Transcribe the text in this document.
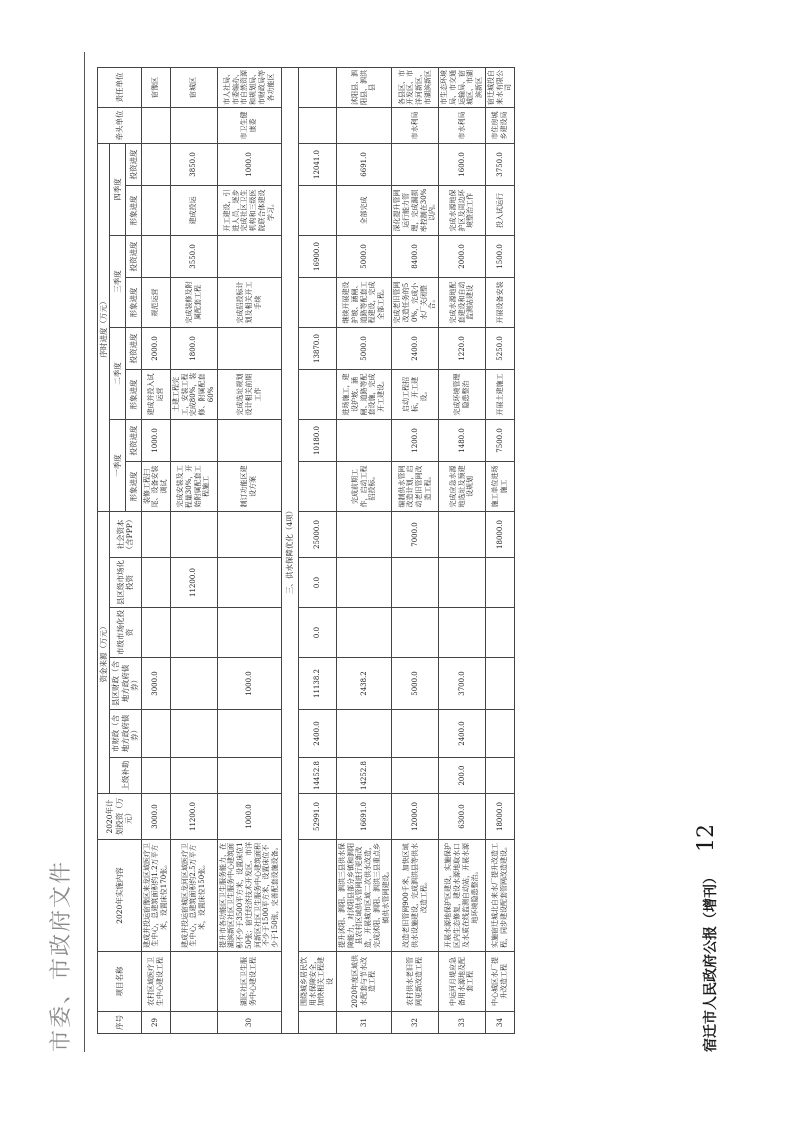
市委、市政府文件	序号	项目名称	2020年实施内容	2020年计划投资（万元）	资金来源（万元）						序时进度（万元）								牵头单位	责任单位
				上级补助	市财政（含地方政府债券）	县区财政（含地方政府债券）	市级市场化投资	县区级市场化投资	社会资本（含PPP）	一季度		二季度		三季度		四季度			
										形象进度	投资进度	形象进度	投资进度	形象进度	投资进度	形象进度	投资进度		
29	农村区域医疗卫生中心建设工程	建成并投运宿豫区来龙区域医疗卫生中心，总建筑面积约1.2万平方米，设置床位170张。	3000.0			3000.0				装修工程扫尾、设备安装调试	1000.0	建成并投入试运营	2000.0	规范运营					宿豫区
		建成并投运宿城区龙河区域医疗卫生中心，总建筑面积约2.5万平方米，设置床位150张。	11200.0					11200.0		完成安装及工程量30%，开始附属配套工程施工		土建工程完工，安装工程完成80%，装修、附属配套60%	1800.0	完成装修及附属配套工程	3550.0	建成投运	3850.0		宿城区
30	湖区社区卫生服务中心建设工程	提升市各功能区卫生服务能力，在湖滨新区社区卫生服务中心建筑面积不少于3500平方米，设置床位150张；宿迁经济技术开发区、市洋河新区社区卫生服务中心建筑面积不少于1500平方米，设置床位不少于150张，完善配套设施设备。	1000.0			1000.0				制订功能区建设方案		完成选址规划设计相关前期工作		完成招投标计划及相关开工手续		开工建设，引进人员，逐步完成社区卫生机构和三级医院联合体建设学习。	1000.0	市卫生健康委	市人社局、市委编办、市自然资源和规划局、市财政局等各功能区
三、供水保障优化（4项）																			
	围绕城乡居民饮用水保障安全，加快相关工程建设		52991.0	14452.8	2400.0	11138.2	0.0	0.0	25000.0		10180.0		13870.0		16900.0		12041.0		
31	2020年度区域供水配套与节水改造工程	提升沭阳、泗阳、泗洪三县供水保障能力，对沭阳县部分乡镇和泗阳县农村区域供水管网进行更新改造，开展城市区域二次供水改造，完成沭阳、泗阳、泗洪三县重点乡镇供水管网建设。	16691.0	14252.8		2438.2				完成前期工作，启动工程招投标。		进场施工，建设护坡、涵闸、道路等配套设施，完成开工建设。	5000.0	继续开展建设护坡、涵闸、道路等配套工程建设，完成全部工程。	5000.0	全部完成	6691.0		沭阳县、泗阳县、泗洪县
32	农村供水老旧管网更新改造工程	改造老旧管网900千米，加快区域供水设施建设，完成泗洪县等供水改造工程。	12000.0			5000.0			7000.0	编制供水管网改造计划，启动老旧管网改造工程。	1200.0	启动工程招标，开工建设。	2400.0	完成老旧管网改造任务的50%，完成小水厂关闭整合。	8400.0	深化提升管网运行能力管理，完成漏损率控制在30%以内。		市水利局	各县区、市开发区、市洋河新区、市湖滨新区
33	中运河月堤应急备用水源地及配套工程	开展水源地保护区建设，实施保护区内生态修复，建设水源地取水口及水质在线监测自动站，开展水源地环境隐患整治。	6300.0	200.0	2400.0	3700.0				完成应急水源地选址及预建设规划	1480.0	完成环境管理隐患整治	1220.0	完成水源地配套建设和自动监测站建设	2000.0	完成水源地保护区及周边环境整治工作	1600.0	市水利局	市生态环境局、市交通运输局、宿城区、市湖滨新区
34	中心城区水厂提升改造工程	实施宿迁城北自来水厂提升改造工程，同步建设配套管网改造建设。	18000.0						18000.0	施工单位进场施工	7500.0	开展土建施工	5250.0	开展设备安装	1500.0	投入试运行	3750.0	市住房城乡建设局	宿迁城投自来水有限公司
宿迁市人民政府公报（增刊）
12
